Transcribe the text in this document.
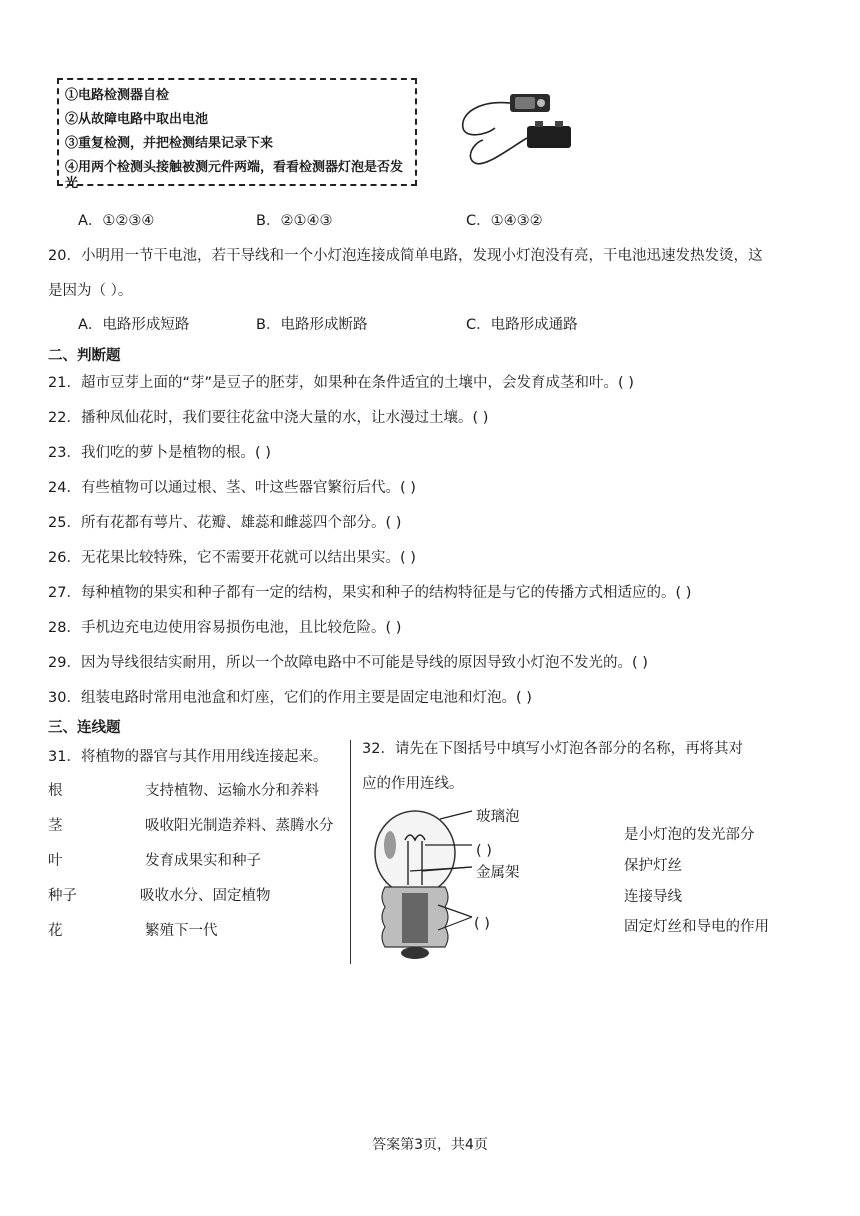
①电路检测器自检
②从故障电路中取出电池
③重复检测，并把检测结果记录下来
④用两个检测头接触被测元件两端，看看检测器灯泡是否发光
A．①②③④	B．②①④③	C．①④③②
20．小明用一节干电池，若干导线和一个小灯泡连接成简单电路，发现小灯泡没有亮，干电池迅速发热发烫，这
是因为（ ）。
A．电路形成短路	B．电路形成断路	C．电路形成通路
二、判断题
21．超市豆芽上面的“芽”是豆子的胚芽，如果种在条件适宜的土壤中，会发育成茎和叶。( )
22．播种凤仙花时，我们要往花盆中浇大量的水，让水漫过土壤。( )
23．我们吃的萝卜是植物的根。( )
24．有些植物可以通过根、茎、叶这些器官繁衍后代。( )
25．所有花都有萼片、花瓣、雄蕊和雌蕊四个部分。( )
26．无花果比较特殊，它不需要开花就可以结出果实。( )
27．每种植物的果实和种子都有一定的结构，果实和种子的结构特征是与它的传播方式相适应的。( )
28．手机边充电边使用容易损伤电池，且比较危险。( )
29．因为导线很结实耐用，所以一个故障电路中不可能是导线的原因导致小灯泡不发光的。( )
30．组装电路时常用电池盒和灯座，它们的作用主要是固定电池和灯泡。( )
三、连线题
31．将植物的器官与其作用用线连接起来。
根
茎
叶
种子
花
支持植物、运输水分和养料
吸收阳光制造养料、蒸腾水分
发育成果实和种子
吸收水分、固定植物
繁殖下一代
32．请先在下图括号中填写小灯泡各部分的名称，再将其对
应的作用连线。
玻璃泡
( )
金属架
( )
是小灯泡的发光部分
保护灯丝
连接导线
固定灯丝和导电的作用
答案第3页，共4页
